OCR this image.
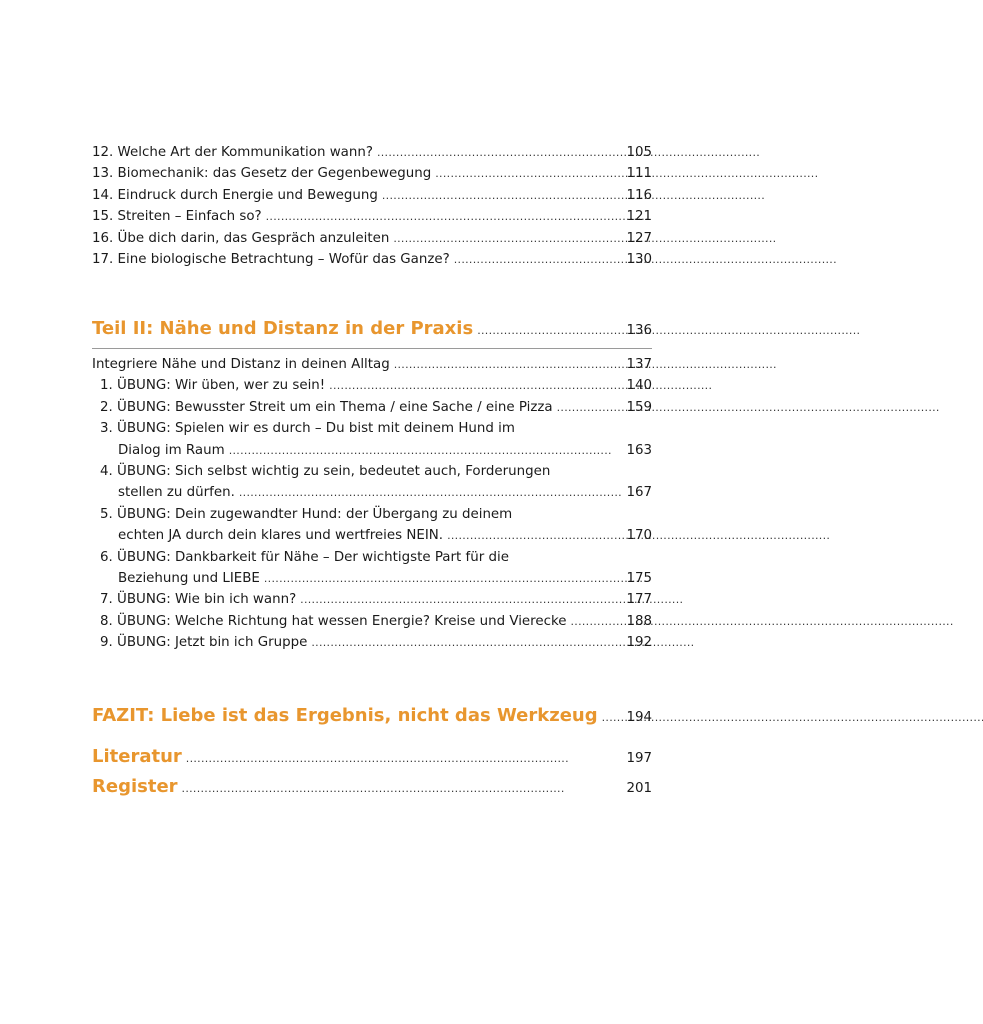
12. Welche Art der Kommunikation wann? . . .	105
13. Biomechanik: das Gesetz der Gegenbewegung . . .	111
14. Eindruck durch Energie und Bewegung . . .	116
15. Streiten – Einfach so? . . .	121
16. Übe dich darin, das Gespräch anzuleiten . . .	127
17. Eine biologische Betrachtung – Wofür das Ganze? . . .	130
Teil II: Nähe und Distanz in der Praxis . . .	136
Integriere Nähe und Distanz in deinen Alltag . . .	137
1. ÜBUNG: Wir üben, wer zu sein! . . .	140
2. ÜBUNG: Bewusster Streit um ein Thema / eine Sache / eine Pizza . . .	159
3. ÜBUNG: Spielen wir es durch – Du bist mit deinem Hund im
Dialog im Raum . . .	163
4. ÜBUNG: Sich selbst wichtig zu sein, bedeutet auch, Forderungen
stellen zu dürfen. . . .	167
5. ÜBUNG: Dein zugewandter Hund: der Übergang zu deinem
echten JA durch dein klares und wertfreies NEIN. . . .	170
6. ÜBUNG: Dankbarkeit für Nähe – Der wichtigste Part für die
Beziehung und LIEBE . . .	175
7. ÜBUNG: Wie bin ich wann? . . .	177
8. ÜBUNG: Welche Richtung hat wessen Energie? Kreise und Vierecke . . .	188
9. ÜBUNG: Jetzt bin ich Gruppe . . .	192
FAZIT: Liebe ist das Ergebnis, nicht das Werkzeug . . .	194
Literatur . . .	197
Register . . .	201
